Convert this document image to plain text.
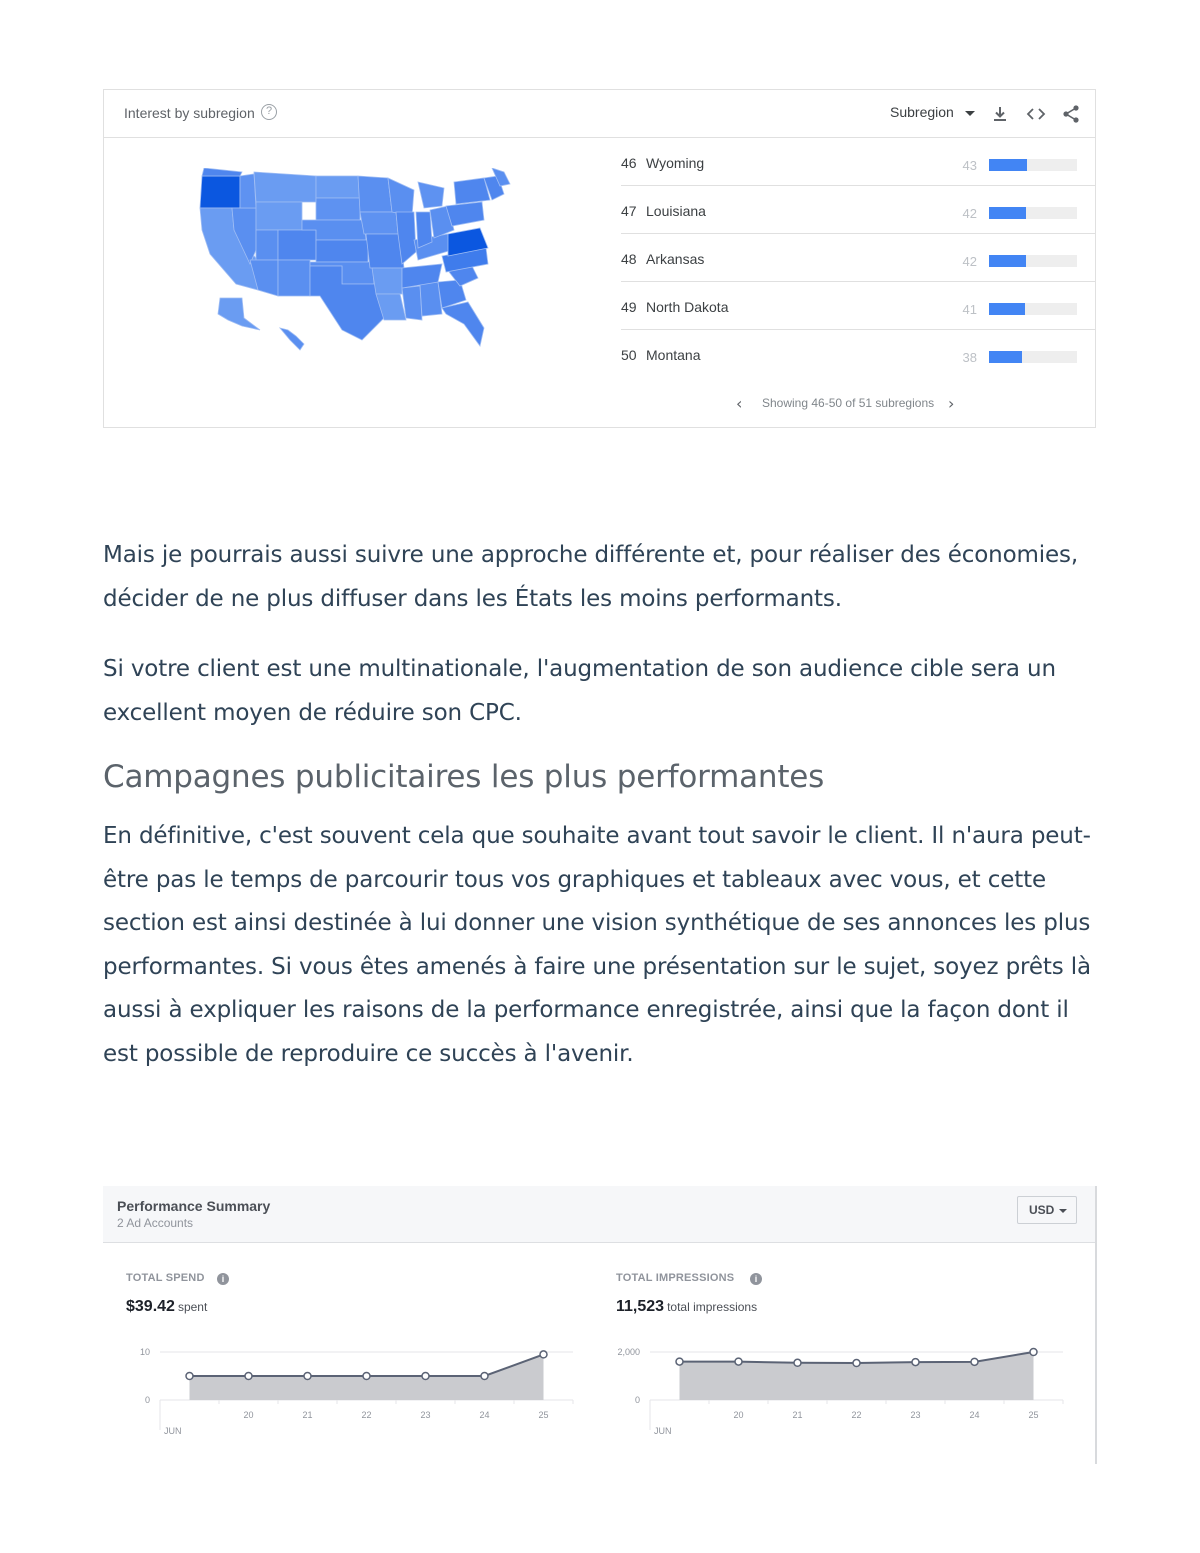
Interest by subregion	?	Subregion
46 Wyoming	43
47 Louisiana	42
48 Arkansas	42
49 North Dakota	41
50 Montana	38
‹ Showing 46-50 of 51 subregions ›

Mais je pourrais aussi suivre une approche différente et, pour réaliser des économies, décider de ne plus diffuser dans les États les moins performants.

Si votre client est une multinationale, l'augmentation de son audience cible sera un excellent moyen de réduire son CPC.

Campagnes publicitaires les plus performantes

En définitive, c'est souvent cela que souhaite avant tout savoir le client. Il n'aura peut-être pas le temps de parcourir tous vos graphiques et tableaux avec vous, et cette section est ainsi destinée à lui donner une vision synthétique de ses annonces les plus performantes. Si vous êtes amenés à faire une présentation sur le sujet, soyez prêts là aussi à expliquer les raisons de la performance enregistrée, ainsi que la façon dont il est possible de reproduire ce succès à l'avenir.

Performance Summary
2 Ad Accounts
USD
TOTAL SPEND	i
$39.42 spent
10
0
20	21	22	23	24	25
JUN
TOTAL IMPRESSIONS	i
11,523 total impressions
2,000
0
20	21	22	23	24	25
JUN
